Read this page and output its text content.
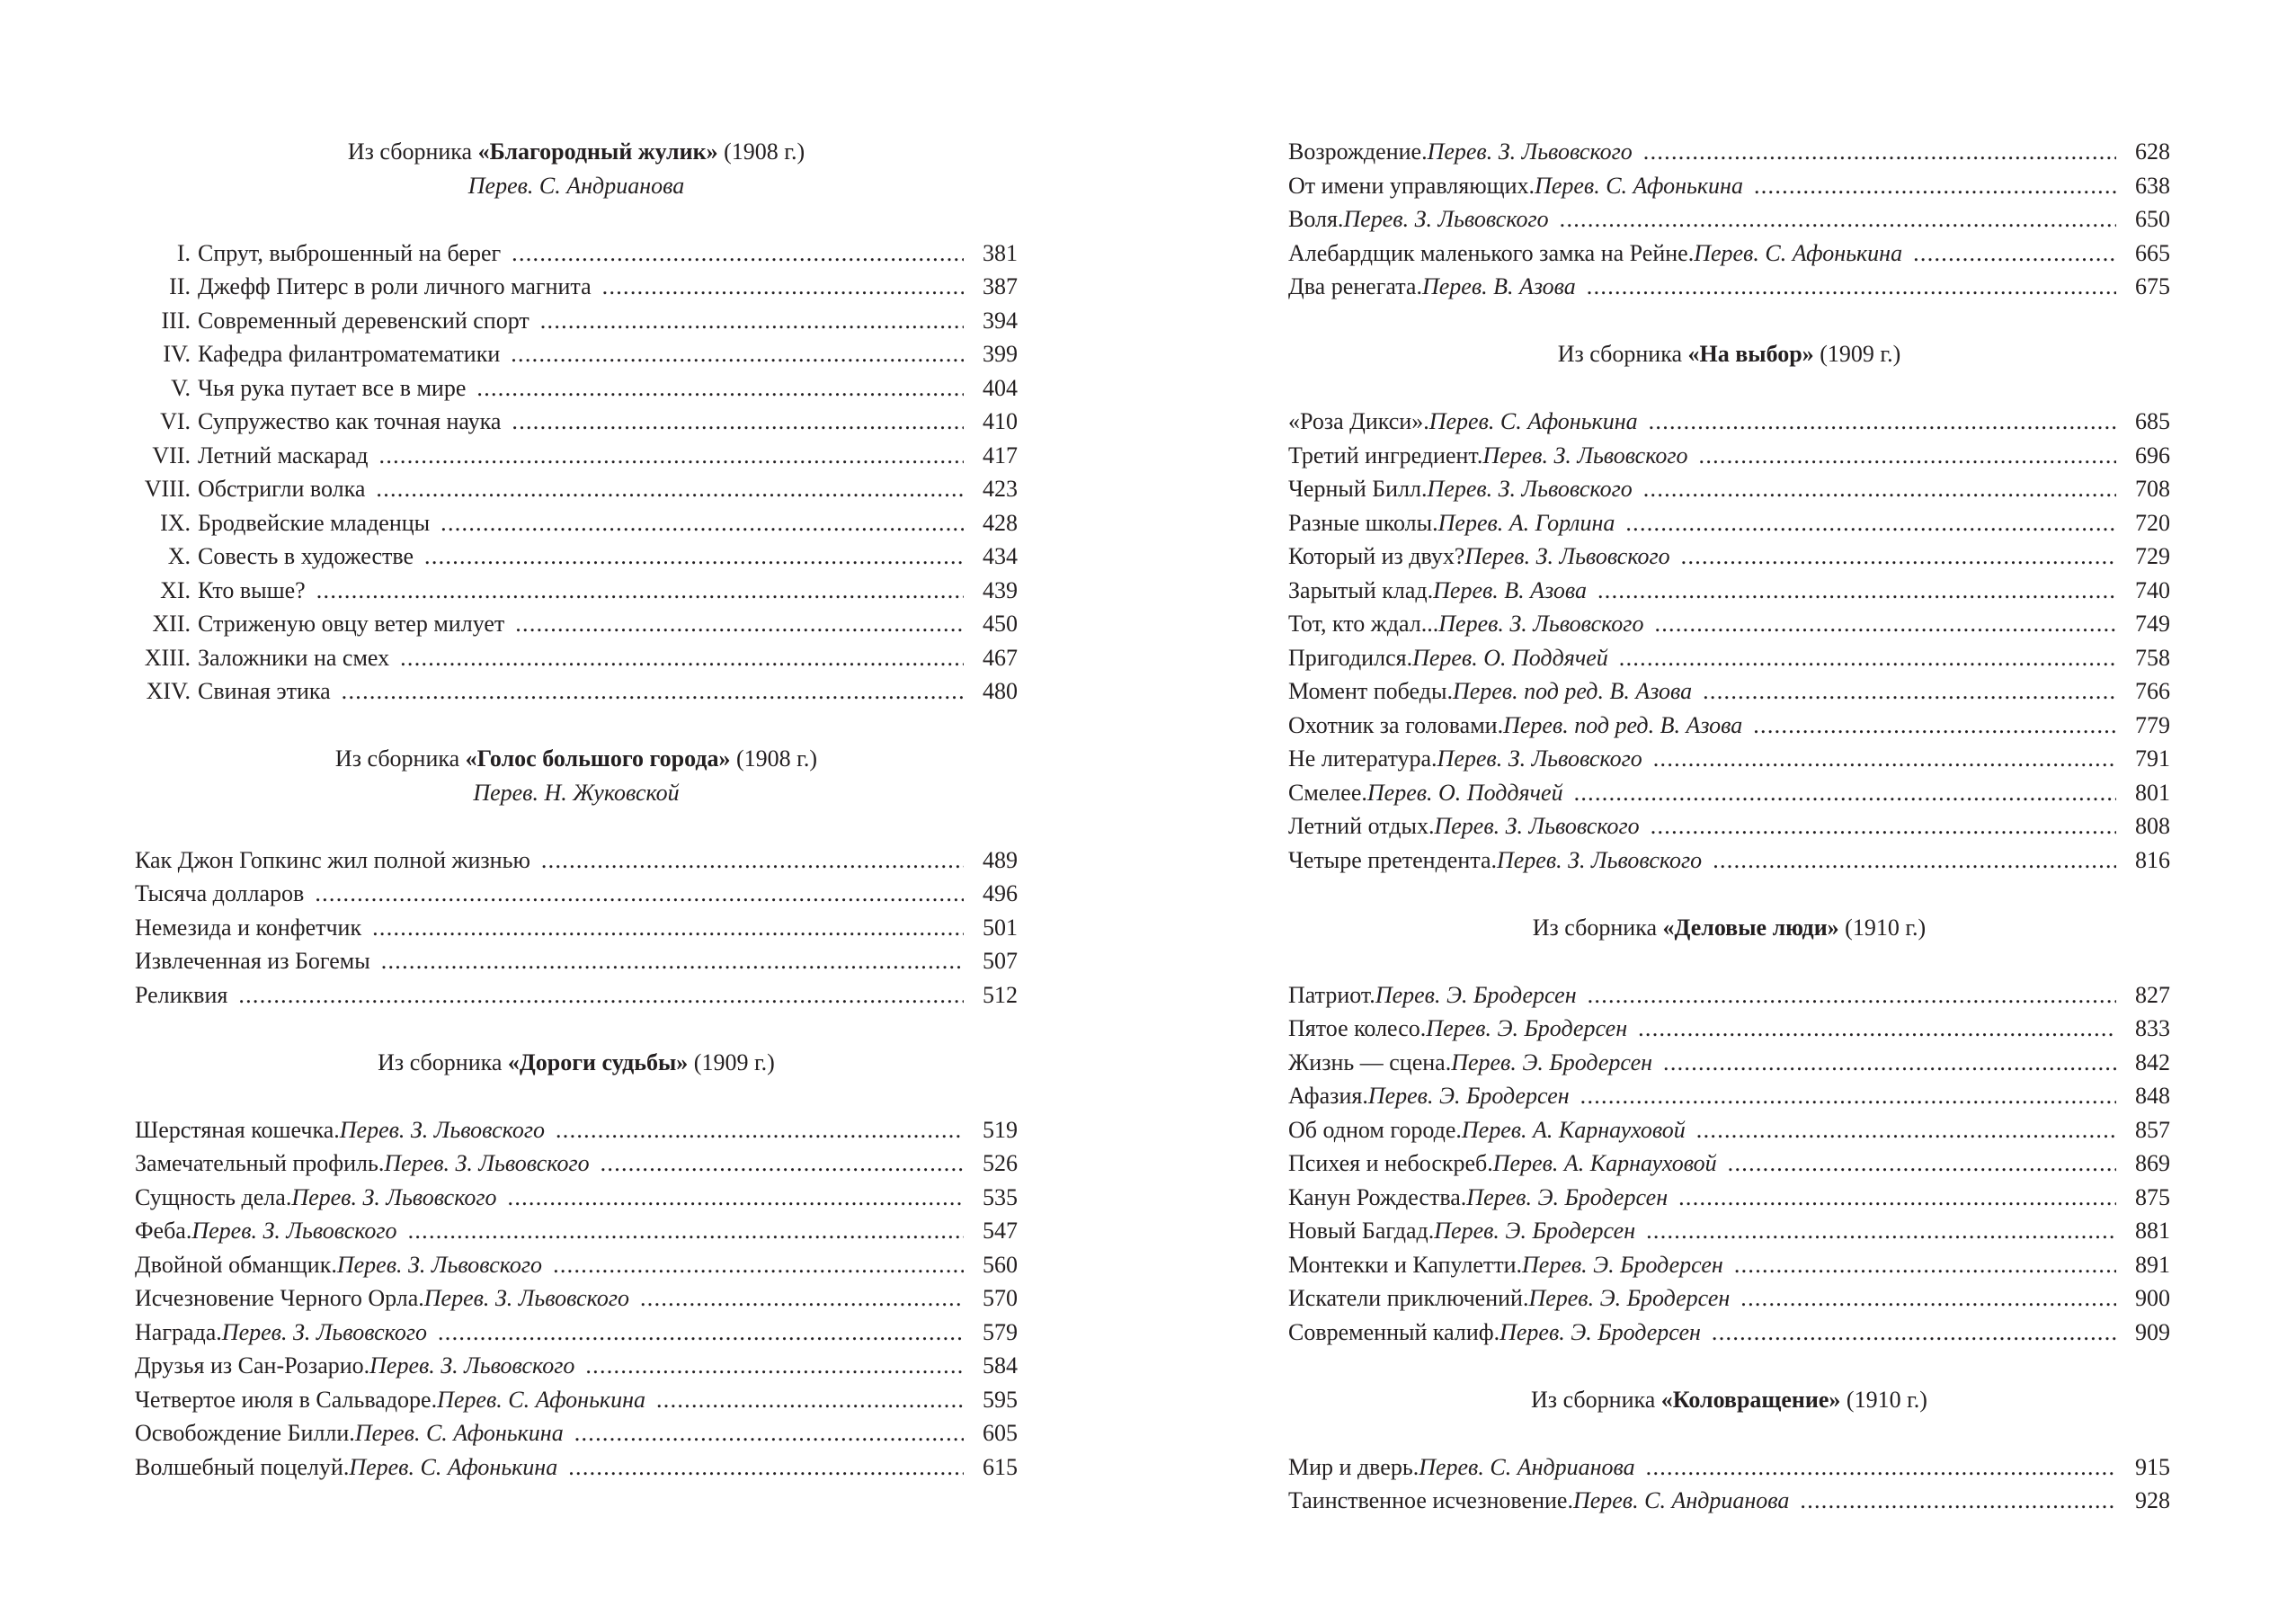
Из сборника «Благородный жулик» (1908 г.)
Перев. С. Андрианова
I. Спрут, выброшенный на берег . . .	381
II. Джефф Питерс в роли личного магнита . . .	387
III. Современный деревенский спорт . . .	394
IV. Кафедра филантроматематики . . .	399
V. Чья рука путает все в мире . . .	404
VI. Супружество как точная наука . . .	410
VII. Летний маскарад . . .	417
VIII. Обстригли волка . . .	423
IX. Бродвейские младенцы . . .	428
X. Совесть в художестве . . .	434
XI. Кто выше? . . .	439
XII. Стриженую овцу ветер милует . . .	450
XIII. Заложники на смех . . .	467
XIV. Свиная этика . . .	480
Из сборника «Голос большого города» (1908 г.)
Перев. Н. Жуковской
Как Джон Гопкинс жил полной жизнью . . .	489
Тысяча долларов . . .	496
Немезида и конфетчик . . .	501
Извлеченная из Богемы . . .	507
Реликвия . . .	512
Из сборника «Дороги судьбы» (1909 г.)
Шерстяная кошечка. Перев. З. Львовского . . .	519
Замечательный профиль. Перев. З. Львовского . . .	526
Сущность дела. Перев. З. Львовского . . .	535
Феба. Перев. З. Львовского . . .	547
Двойной обманщик. Перев. З. Львовского . . .	560
Исчезновение Черного Орла. Перев. З. Львовского . . .	570
Награда. Перев. З. Львовского . . .	579
Друзья из Сан-Розарио. Перев. З. Львовского . . .	584
Четвертое июля в Сальвадоре. Перев. С. Афонькина . . .	595
Освобождение Билли. Перев. С. Афонькина . . .	605
Волшебный поцелуй. Перев. С. Афонькина . . .	615
Возрождение. Перев. З. Львовского . . .	628
От имени управляющих. Перев. С. Афонькина . . .	638
Воля. Перев. З. Львовского . . .	650
Алебардщик маленького замка на Рейне. Перев. С. Афонькина . . .	665
Два ренегата. Перев. В. Азова . . .	675
Из сборника «На выбор» (1909 г.)
«Роза Дикси». Перев. С. Афонькина . . .	685
Третий ингредиент. Перев. З. Львовского . . .	696
Черный Билл. Перев. З. Львовского . . .	708
Разные школы. Перев. А. Горлина . . .	720
Который из двух? Перев. З. Львовского . . .	729
Зарытый клад. Перев. В. Азова . . .	740
Тот, кто ждал... Перев. З. Львовского . . .	749
Пригодился. Перев. О. Поддячей . . .	758
Момент победы. Перев. под ред. В. Азова . . .	766
Охотник за головами. Перев. под ред. В. Азова . . .	779
Не литература. Перев. З. Львовского . . .	791
Смелее. Перев. О. Поддячей . . .	801
Летний отдых. Перев. З. Львовского . . .	808
Четыре претендента. Перев. З. Львовского . . .	816
Из сборника «Деловые люди» (1910 г.)
Патриот. Перев. Э. Бродерсен . . .	827
Пятое колесо. Перев. Э. Бродерсен . . .	833
Жизнь — сцена. Перев. Э. Бродерсен . . .	842
Афазия. Перев. Э. Бродерсен . . .	848
Об одном городе. Перев. А. Карнауховой . . .	857
Психея и небоскреб. Перев. А. Карнауховой . . .	869
Канун Рождества. Перев. Э. Бродерсен . . .	875
Новый Багдад. Перев. Э. Бродерсен . . .	881
Монтекки и Капулетти. Перев. Э. Бродерсен . . .	891
Искатели приключений. Перев. Э. Бродерсен . . .	900
Современный калиф. Перев. Э. Бродерсен . . .	909
Из сборника «Коловращение» (1910 г.)
Мир и дверь. Перев. С. Андрианова . . .	915
Таинственное исчезновение. Перев. С. Андрианова . . .	928
